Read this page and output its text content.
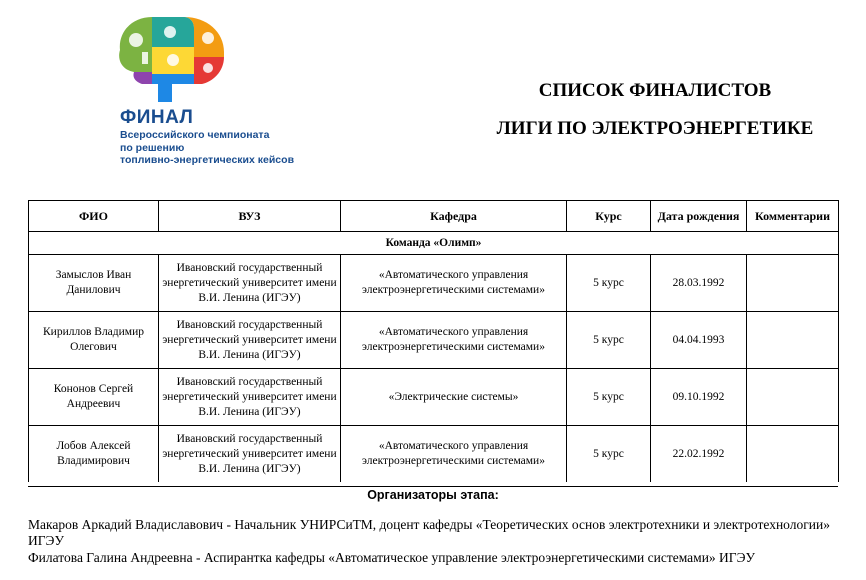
ФИНАЛ
Всероссийского чемпионата
по решению
топливно-энергетических кейсов
СПИСОК ФИНАЛИСТОВ
ЛИГИ ПО ЭЛЕКТРОЭНЕРГЕТИКЕ
ФИО	ВУЗ	Кафедра	Курс	Дата рождения	Комментарии
Команда «Олимп»					
Замыслов Иван Данилович	Ивановский государственный энергетический университет имени В.И. Ленина (ИГЭУ)	«Автоматического управления электроэнергетическими системами»	5 курс	28.03.1992	
Кириллов Владимир Олегович	Ивановский государственный энергетический университет имени В.И. Ленина (ИГЭУ)	«Автоматического управления электроэнергетическими системами»	5 курс	04.04.1993	
Кононов Сергей Андреевич	Ивановский государственный энергетический университет имени В.И. Ленина (ИГЭУ)	«Электрические системы»	5 курс	09.10.1992	
Лобов Алексей Владимирович	Ивановский государственный энергетический университет имени В.И. Ленина (ИГЭУ)	«Автоматического управления электроэнергетическими системами»	5 курс	22.02.1992	
Организаторы этапа:
Макаров Аркадий Владиславович - Начальник УНИРСиТМ, доцент кафедры «Теоретических основ электротехники и электротехнологии» ИГЭУ
Филатова Галина Андреевна - Аспирантка кафедры «Автоматическое управление электроэнергетическими системами» ИГЭУ
